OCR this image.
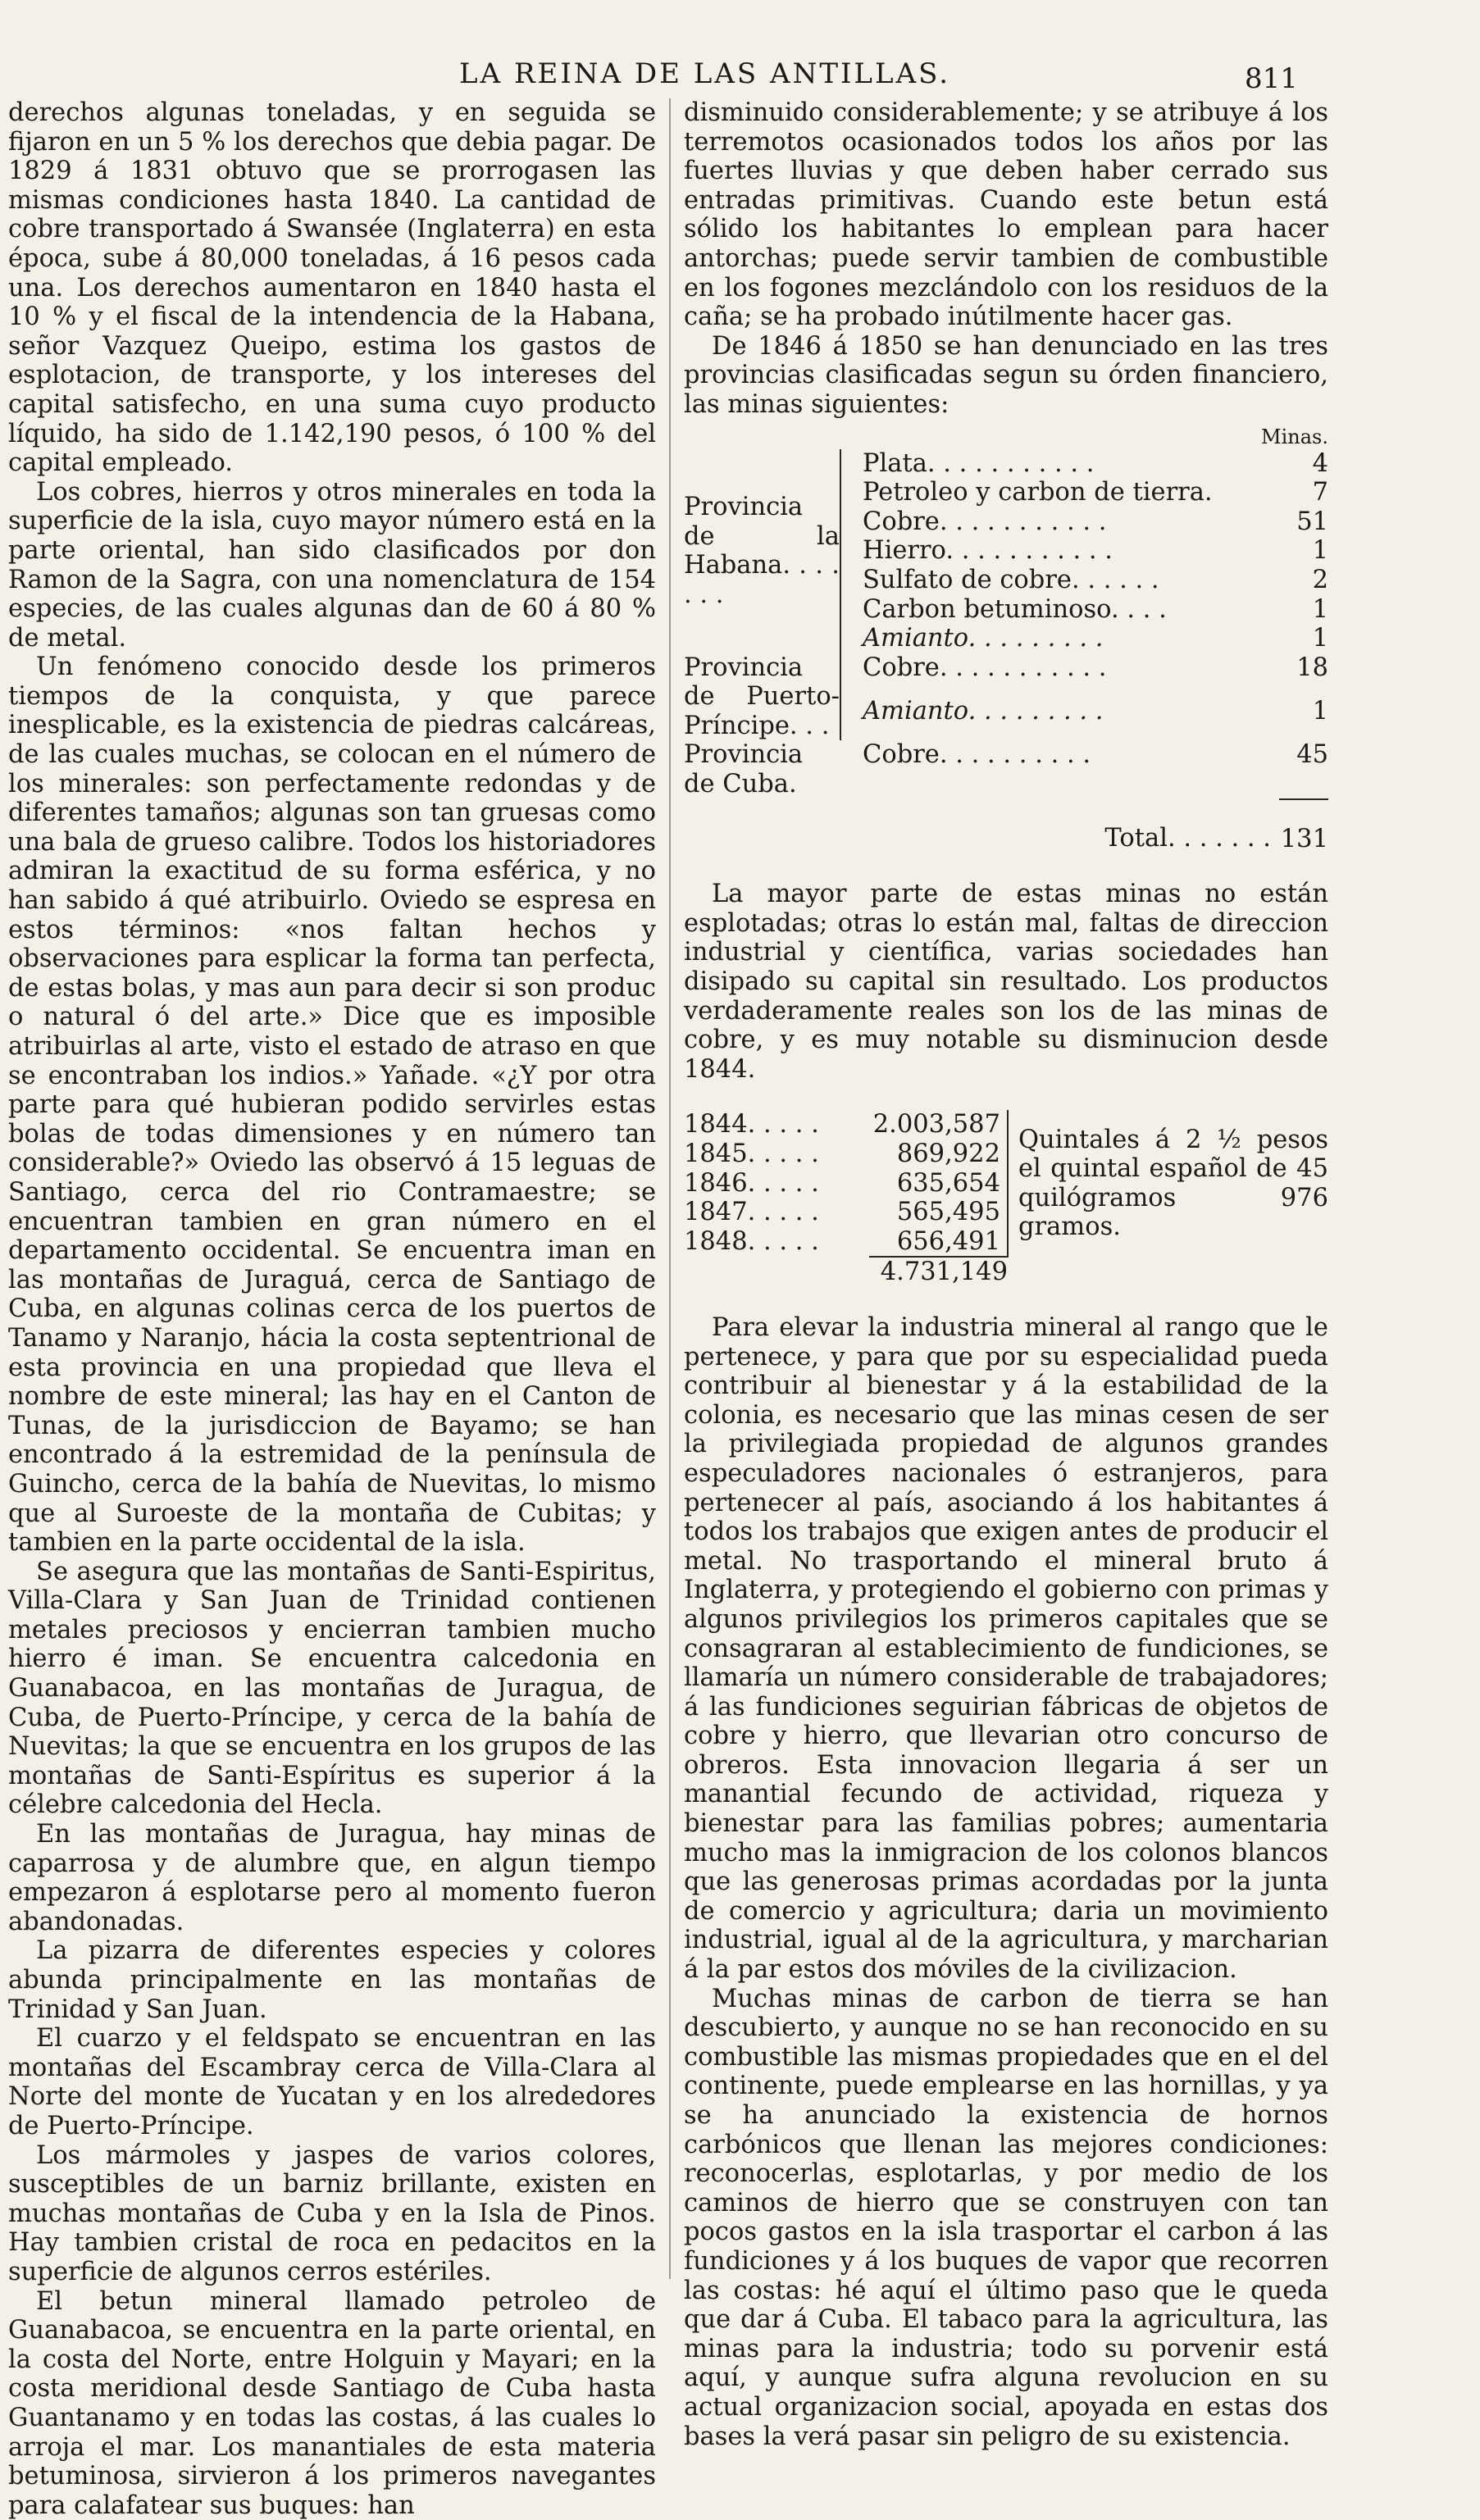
LA REINA DE LAS ANTILLAS.	811

derechos algunas toneladas, y en seguida se fijaron en un 5 % los derechos que debia pagar. De 1829 á 1831 obtuvo que se prorrogasen las mismas condiciones hasta 1840. La cantidad de cobre transportado á Swansée (Inglaterra) en esta época, sube á 80,000 toneladas, á 16 pesos cada una. Los derechos aumentaron en 1840 hasta el 10 % y el fiscal de la intendencia de la Habana, señor Vazquez Queipo, estima los gastos de esplotacion, de transporte, y los intereses del capital satisfecho, en una suma cuyo producto líquido, ha sido de 1.142,190 pesos, ó 100 % del capital empleado.

Los cobres, hierros y otros minerales en toda la superficie de la isla, cuyo mayor número está en la parte oriental, han sido clasificados por don Ramon de la Sagra, con una nomenclatura de 154 especies, de las cuales algunas dan de 60 á 80 % de metal.

Un fenómeno conocido desde los primeros tiempos de la conquista, y que parece inesplicable, es la existencia de piedras calcáreas, de las cuales muchas, se colocan en el número de los minerales: son perfectamente redondas y de diferentes tamaños; algunas son tan gruesas como una bala de grueso calibre. Todos los historiadores admiran la exactitud de su forma esférica, y no han sabido á qué atribuirlo. Oviedo se espresa en estos términos: «nos faltan hechos y observaciones para esplicar la forma tan perfecta, de estas bolas, y mas aun para decir si son produc o natural ó del arte.» Dice que es imposible atribuirlas al arte, visto el estado de atraso en que se encontraban los indios.» Yañade. «¿Y por otra parte para qué hubieran podido servirles estas bolas de todas dimensiones y en número tan considerable?» Oviedo las observó á 15 leguas de Santiago, cerca del rio Contramaestre; se encuentran tambien en gran número en el departamento occidental. Se encuentra iman en las montañas de Juraguá, cerca de Santiago de Cuba, en algunas colinas cerca de los puertos de Tanamo y Naranjo, hácia la costa septentrional de esta provincia en una propiedad que lleva el nombre de este mineral; las hay en el Canton de Tunas, de la jurisdiccion de Bayamo; se han encontrado á la estremidad de la península de Guincho, cerca de la bahía de Nuevitas, lo mismo que al Suroeste de la montaña de Cubitas; y tambien en la parte occidental de la isla.

Se asegura que las montañas de Santi-Espiritus, Villa-Clara y San Juan de Trinidad contienen metales preciosos y encierran tambien mucho hierro é iman. Se encuentra calcedonia en Guanabacoa, en las montañas de Juragua, de Cuba, de Puerto-Príncipe, y cerca de la bahía de Nuevitas; la que se encuentra en los grupos de las montañas de Santi-Espíritus es superior á la célebre calcedonia del Hecla.

En las montañas de Juragua, hay minas de caparrosa y de alumbre que, en algun tiempo empezaron á esplotarse pero al momento fueron abandonadas.

La pizarra de diferentes especies y colores abunda principalmente en las montañas de Trinidad y San Juan.

El cuarzo y el feldspato se encuentran en las montañas del Escambray cerca de Villa-Clara al Norte del monte de Yucatan y en los alrededores de Puerto-Príncipe.

Los mármoles y jaspes de varios colores, susceptibles de un barniz brillante, existen en muchas montañas de Cuba y en la Isla de Pinos. Hay tambien cristal de roca en pedacitos en la superficie de algunos cerros estériles.

El betun mineral llamado petroleo de Guanabacoa, se encuentra en la parte oriental, en la costa del Norte, entre Holguin y Mayari; en la costa meridional desde Santiago de Cuba hasta Guantanamo y en todas las costas, á las cuales lo arroja el mar. Los manantiales de esta materia betuminosa, sirvieron á los primeros navegantes para calafatear sus buques: han

disminuido considerablemente; y se atribuye á los terremotos ocasionados todos los años por las fuertes lluvias y que deben haber cerrado sus entradas primitivas. Cuando este betun está sólido los habitantes lo emplean para hacer antorchas; puede servir tambien de combustible en los fogones mezclándolo con los residuos de la caña; se ha probado inútilmente hacer gas.

De 1846 á 1850 se han denunciado en las tres provincias clasificadas segun su órden financiero, las minas siguientes:

Minas.			
Provincia de la Habana. . . . . . .		Plata. . . . . . . . . . .	4
		Petroleo y carbon de tierra.	7
		Cobre. . . . . . . . . . .	51
		Hierro. . . . . . . . . . .	1
		Sulfato de cobre. . . . . .	2
		Carbon betuminoso. . . .	1
		Amianto. . . . . . . . .	1
Provincia de Puerto-Príncipe. . .		Cobre. . . . . . . . . . .	18
		Amianto. . . . . . . . .	1
Provincia de Cuba.		Cobre. . . . . . . . . .	45
Total. . . . . . .			131

La mayor parte de estas minas no están esplotadas; otras lo están mal, faltas de direccion industrial y científica, varias sociedades han disipado su capital sin resultado. Los productos verdaderamente reales son los de las minas de cobre, y es muy notable su disminucion desde 1844.

1844. . . . .	2.003,587	Quintales á 2 ½ pesos el quintal español de 45 quilógramos 976 gramos.
1845. . . . .	869,922	
1846. . . . .	635,654	
1847. . . . .	565,495	
1848. . . . .	656,491	
	4.731,149	

Para elevar la industria mineral al rango que le pertenece, y para que por su especialidad pueda contribuir al bienestar y á la estabilidad de la colonia, es necesario que las minas cesen de ser la privilegiada propiedad de algunos grandes especuladores nacionales ó estranjeros, para pertenecer al país, asociando á los habitantes á todos los trabajos que exigen antes de producir el metal. No trasportando el mineral bruto á Inglaterra, y protegiendo el gobierno con primas y algunos privilegios los primeros capitales que se consagraran al establecimiento de fundiciones, se llamaría un número considerable de trabajadores; á las fundiciones seguirian fábricas de objetos de cobre y hierro, que llevarian otro concurso de obreros. Esta innovacion llegaria á ser un manantial fecundo de actividad, riqueza y bienestar para las familias pobres; aumentaria mucho mas la inmigracion de los colonos blancos que las generosas primas acordadas por la junta de comercio y agricultura; daria un movimiento industrial, igual al de la agricultura, y marcharian á la par estos dos móviles de la civilizacion.

Muchas minas de carbon de tierra se han descubierto, y aunque no se han reconocido en su combustible las mismas propiedades que en el del continente, puede emplearse en las hornillas, y ya se ha anunciado la existencia de hornos carbónicos que llenan las mejores condiciones: reconocerlas, esplotarlas, y por medio de los caminos de hierro que se construyen con tan pocos gastos en la isla trasportar el carbon á las fundiciones y á los buques de vapor que recorren las costas: hé aquí el último paso que le queda que dar á Cuba. El tabaco para la agricultura, las minas para la industria; todo su porvenir está aquí, y aunque sufra alguna revolucion en su actual organizacion social, apoyada en estas dos bases la verá pasar sin peligro de su existencia.
